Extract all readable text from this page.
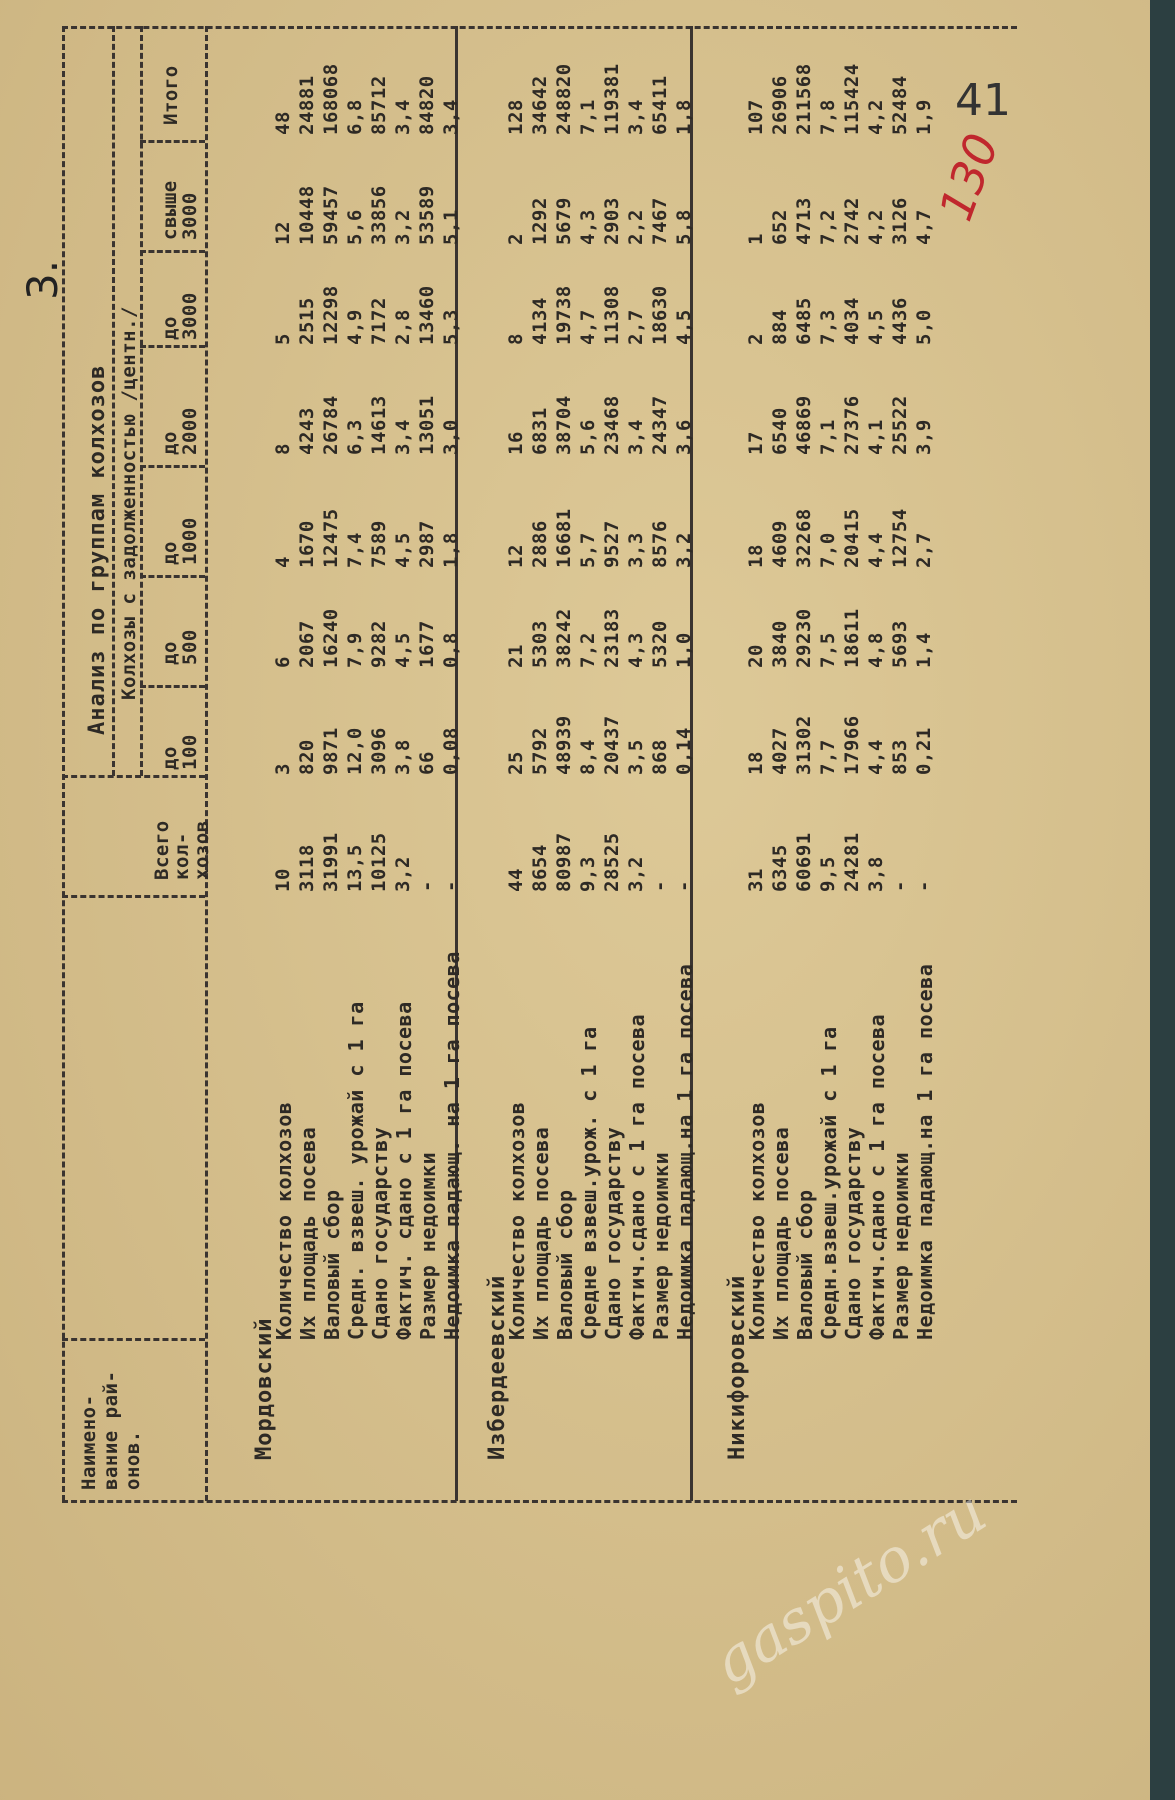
3.
41
130
Наимено-вание рай-онов.
Всего кол-хозов
Анализ по группам колхозов Колхозы с задолженностью /центн./
до 100
до 500
до 1000
до 2000
до 3000
свыше 3000
Итого
Мордовский
Количество колхозов
10
3
6
4
8
5
12
48
Их площадь посева
3118
820
2067
1670
4243
2515
10448
24881
Валовый сбор
31991
9871
16240
12475
26784
12298
59457
168068
Средн. взвеш. урожай с 1 га
13,5
12,0
7,9
7,4
6,3
4,9
5,6
6,8
Сдано государству
10125
3096
9282
7589
14613
7172
33856
85712
Фактич. сдано с 1 га посева
3,2
3,8
4,5
4,5
3,4
2,8
3,2
3,4
Размер недоимки
-
66
1677
2987
13051
13460
53589
84820
Недоимка падающ. на 1 га посева
-
0,08
0,8
1,8
3,0
5,3
5,1
3,4
Избердеевский
Количество колхозов
44
25
21
12
16
8
2
128
Их площадь посева
8654
5792
5303
2886
6831
4134
1292
34642
Валовый сбор
80987
48939
38242
16681
38704
19738
5679
248820
Средне взвеш.урож. с 1 га
9,3
8,4
7,2
5,7
5,6
4,7
4,3
7,1
Сдано государству
28525
20437
23183
9527
23468
11308
2903
119381
Фактич.сдано с 1 га посева
3,2
3,5
4,3
3,3
3,4
2,7
2,2
3,4
Размер недоимки
-
868
5320
8576
24347
18630
7467
65411
Недоимка падающ.на 1 га посева
-
0,14
1,0
3,2
3,6
4,5
5,8
1,8
Никифоровский
Количество колхозов
31
18
20
18
17
2
1
107
Их площадь посева
6345
4027
3840
4609
6540
884
652
26906
Валовый сбор
60691
31302
29230
32268
46869
6485
4713
211568
Средн.взвеш.урожай с 1 га
9,5
7,7
7,5
7,0
7,1
7,3
7,2
7,8
Сдано государству
24281
17966
18611
20415
27376
4034
2742
115424
Фактич.сдано с 1 га посева
3,8
4,4
4,8
4,4
4,1
4,5
4,2
4,2
Размер недоимки
-
853
5693
12754
25522
4436
3126
52484
Недоимка падающ.на 1 га посева
-
0,21
1,4
2,7
3,9
5,0
4,7
1,9
gaspito.ru
